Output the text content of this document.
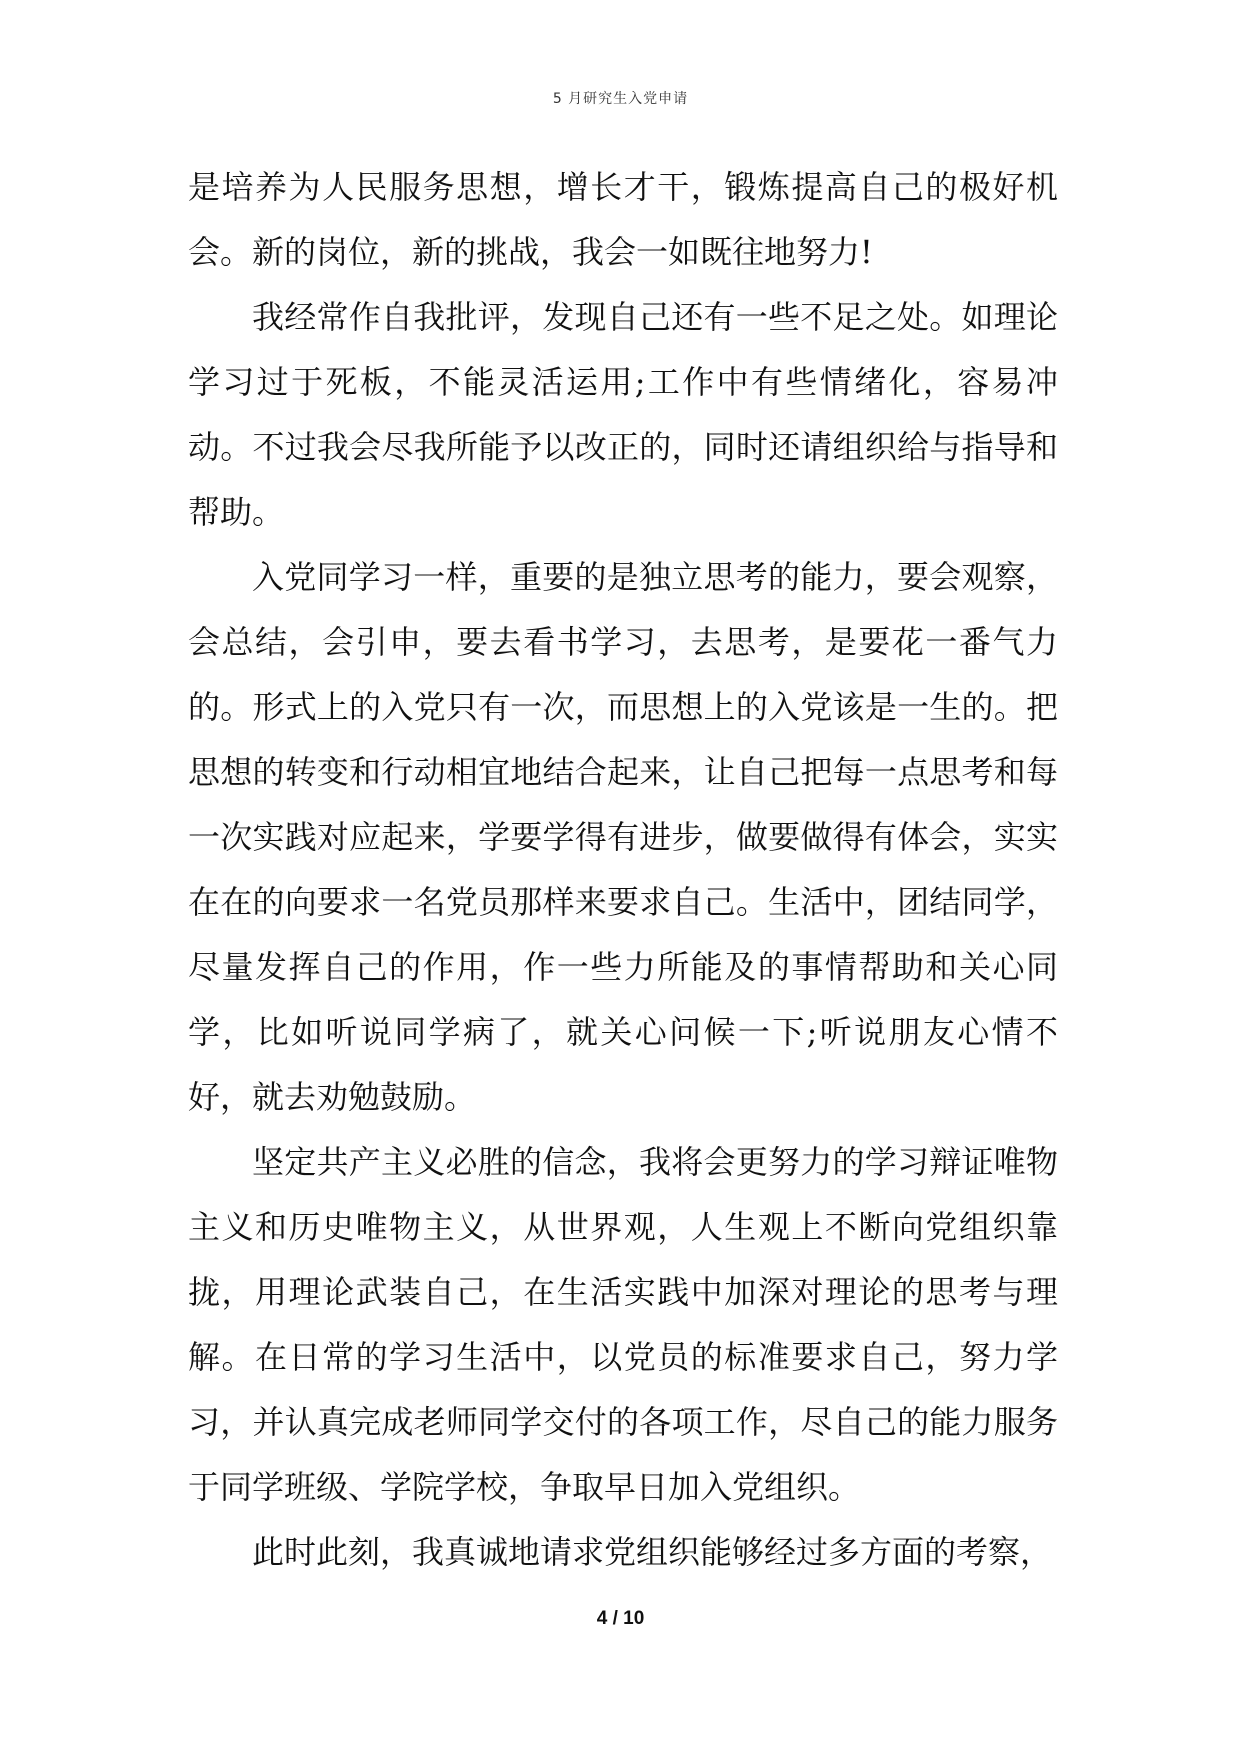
5 月研究生入党申请

是培养为人民服务思想，增长才干，锻炼提高自己的极好机会。新的岗位，新的挑战，我会一如既往地努力!

我经常作自我批评，发现自己还有一些不足之处。如理论学习过于死板，不能灵活运用;工作中有些情绪化，容易冲动。不过我会尽我所能予以改正的，同时还请组织给与指导和帮助。

入党同学习一样，重要的是独立思考的能力，要会观察，会总结，会引申，要去看书学习，去思考，是要花一番气力的。形式上的入党只有一次，而思想上的入党该是一生的。把思想的转变和行动相宜地结合起来，让自己把每一点思考和每一次实践对应起来，学要学得有进步，做要做得有体会，实实在在的向要求一名党员那样来要求自己。生活中，团结同学，尽量发挥自己的作用，作一些力所能及的事情帮助和关心同学，比如听说同学病了，就关心问候一下;听说朋友心情不好，就去劝勉鼓励。

坚定共产主义必胜的信念，我将会更努力的学习辩证唯物主义和历史唯物主义，从世界观，人生观上不断向党组织靠拢，用理论武装自己，在生活实践中加深对理论的思考与理解。在日常的学习生活中，以党员的标准要求自己，努力学习，并认真完成老师同学交付的各项工作，尽自己的能力服务于同学班级、学院学校，争取早日加入党组织。

此时此刻，我真诚地请求党组织能够经过多方面的考察，

4 / 10
